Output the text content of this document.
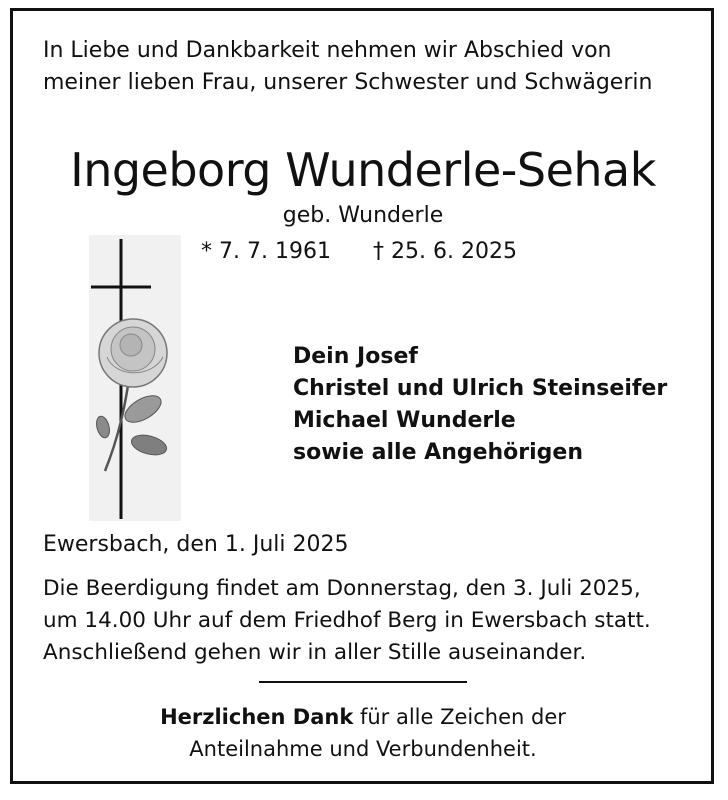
In Liebe und Dankbarkeit nehmen wir Abschied von

meiner lieben Frau, unserer Schwester und Schwägerin

Ingeborg Wunderle-Sehak

geb. Wunderle

* 7. 7. 1961 † 25. 6. 2025

Dein Josef

Christel und Ulrich Steinseifer

Michael Wunderle

sowie alle Angehörigen

Ewersbach, den 1. Juli 2025

Die Beerdigung findet am Donnerstag, den 3. Juli 2025,

um 14.00 Uhr auf dem Friedhof Berg in Ewersbach statt.

Anschließend gehen wir in aller Stille auseinander.

Herzlichen Dank für alle Zeichen der

Anteilnahme und Verbundenheit.
